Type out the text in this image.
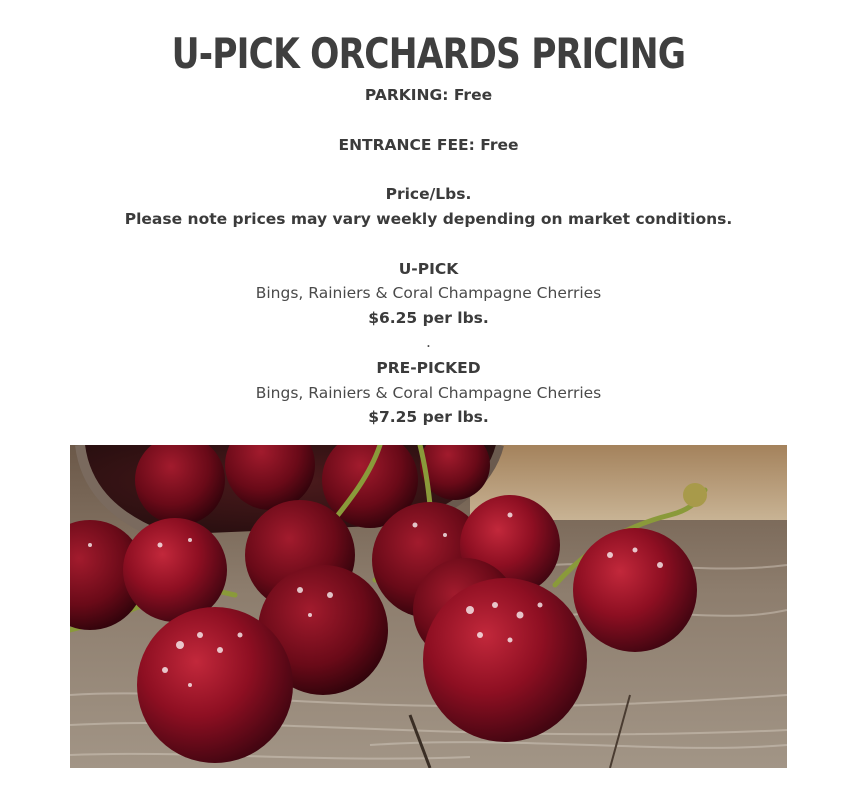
U-PICK ORCHARDS PRICING
PARKING: Free
ENTRANCE FEE: Free
Price/Lbs.
Please note prices may vary weekly depending on market conditions.
U-PICK
Bings, Rainiers & Coral Champagne Cherries
$6.25 per lbs.
.
PRE-PICKED
Bings, Rainiers & Coral Champagne Cherries
$7.25 per lbs.
